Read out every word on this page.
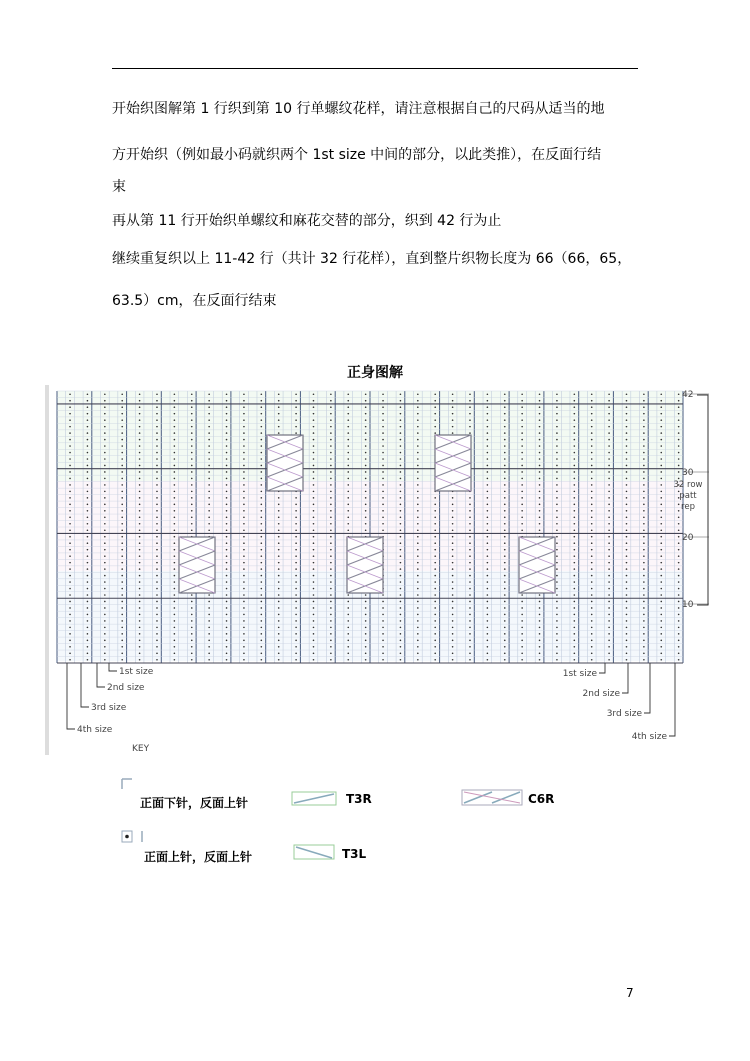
开始织图解第 1 行织到第 10 行单螺纹花样，请注意根据自己的尺码从适当的地
方开始织（例如最小码就织两个 1st size 中间的部分，以此类推），在反面行结
束
再从第 11 行开始织单螺纹和麻花交替的部分，织到 42 行为止
继续重复织以上 11-42 行（共计 32 行花样），直到整片织物长度为 66（66，65，
63.5）cm，在反面行结束
正身图解
42
30
20
10
32 row
patt
rep
1st size
2nd size
3rd size
4th size
1st size
2nd size
3rd size
4th size
KEY
正面下针，反面上针	T3R	C6R
正面上针，反面上针	T3L
7
